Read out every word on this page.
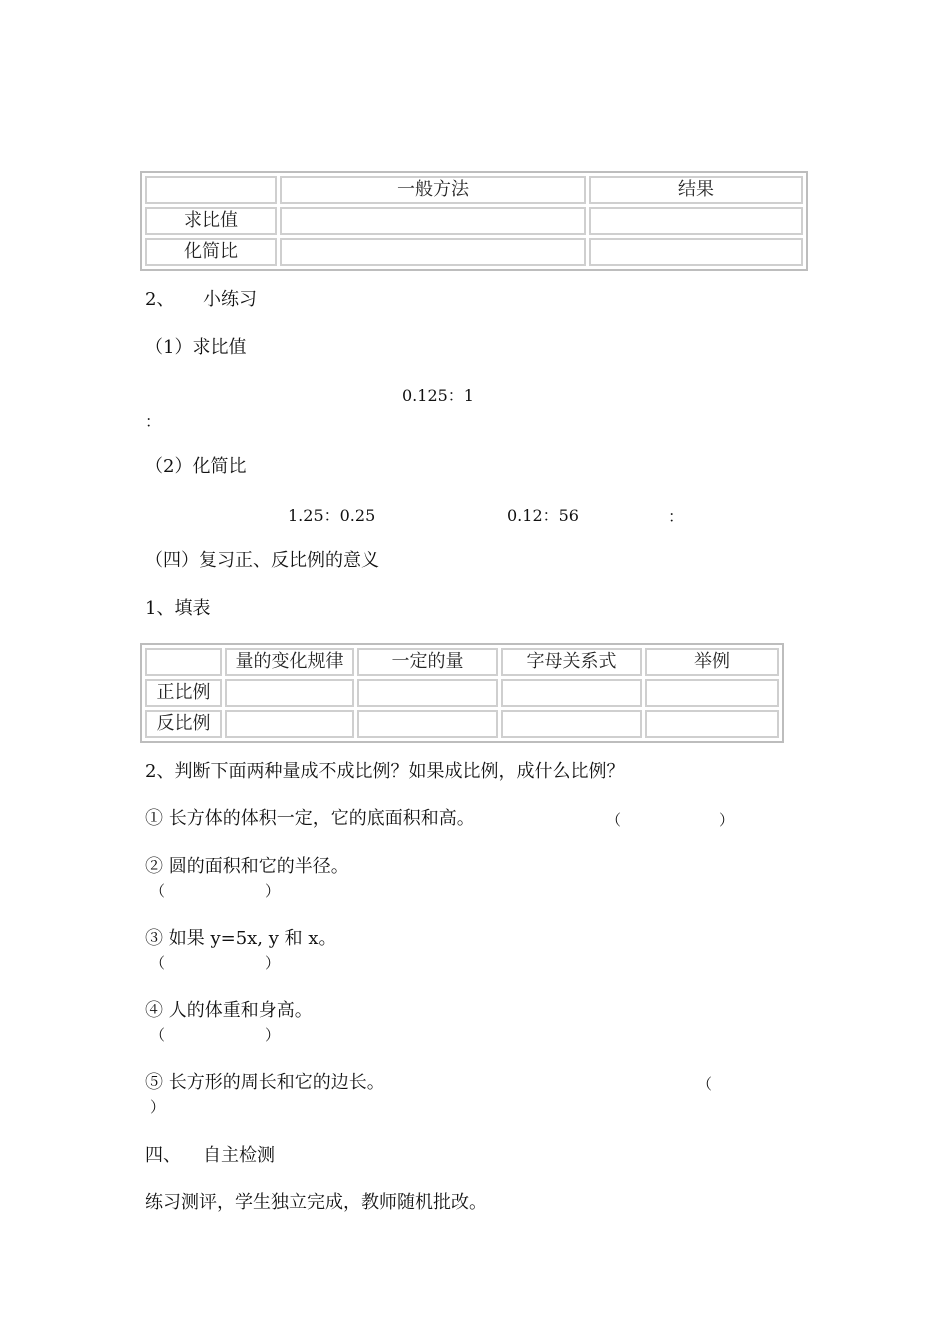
	一般方法	结果
求比值		
化简比		
2、 小练习
（1）求比值
0.125：1
：
（2）化简比
1.25：0.25	0.12：56	：
（四）复习正、反比例的意义
1、填表
	量的变化规律	一定的量	字母关系式	举例
正比例				
反比例				
2、判断下面两种量成不成比例？如果成比例，成什么比例？
① 长方体的体积一定，它的底面积和高。	（	）
② 圆的面积和它的半径。
（	）
③ 如果 y=5x, y 和 x。
（	）
④ 人的体重和身高。
（	）
⑤ 长方形的周长和它的边长。	（
）
四、 自主检测
练习测评，学生独立完成，教师随机批改。
